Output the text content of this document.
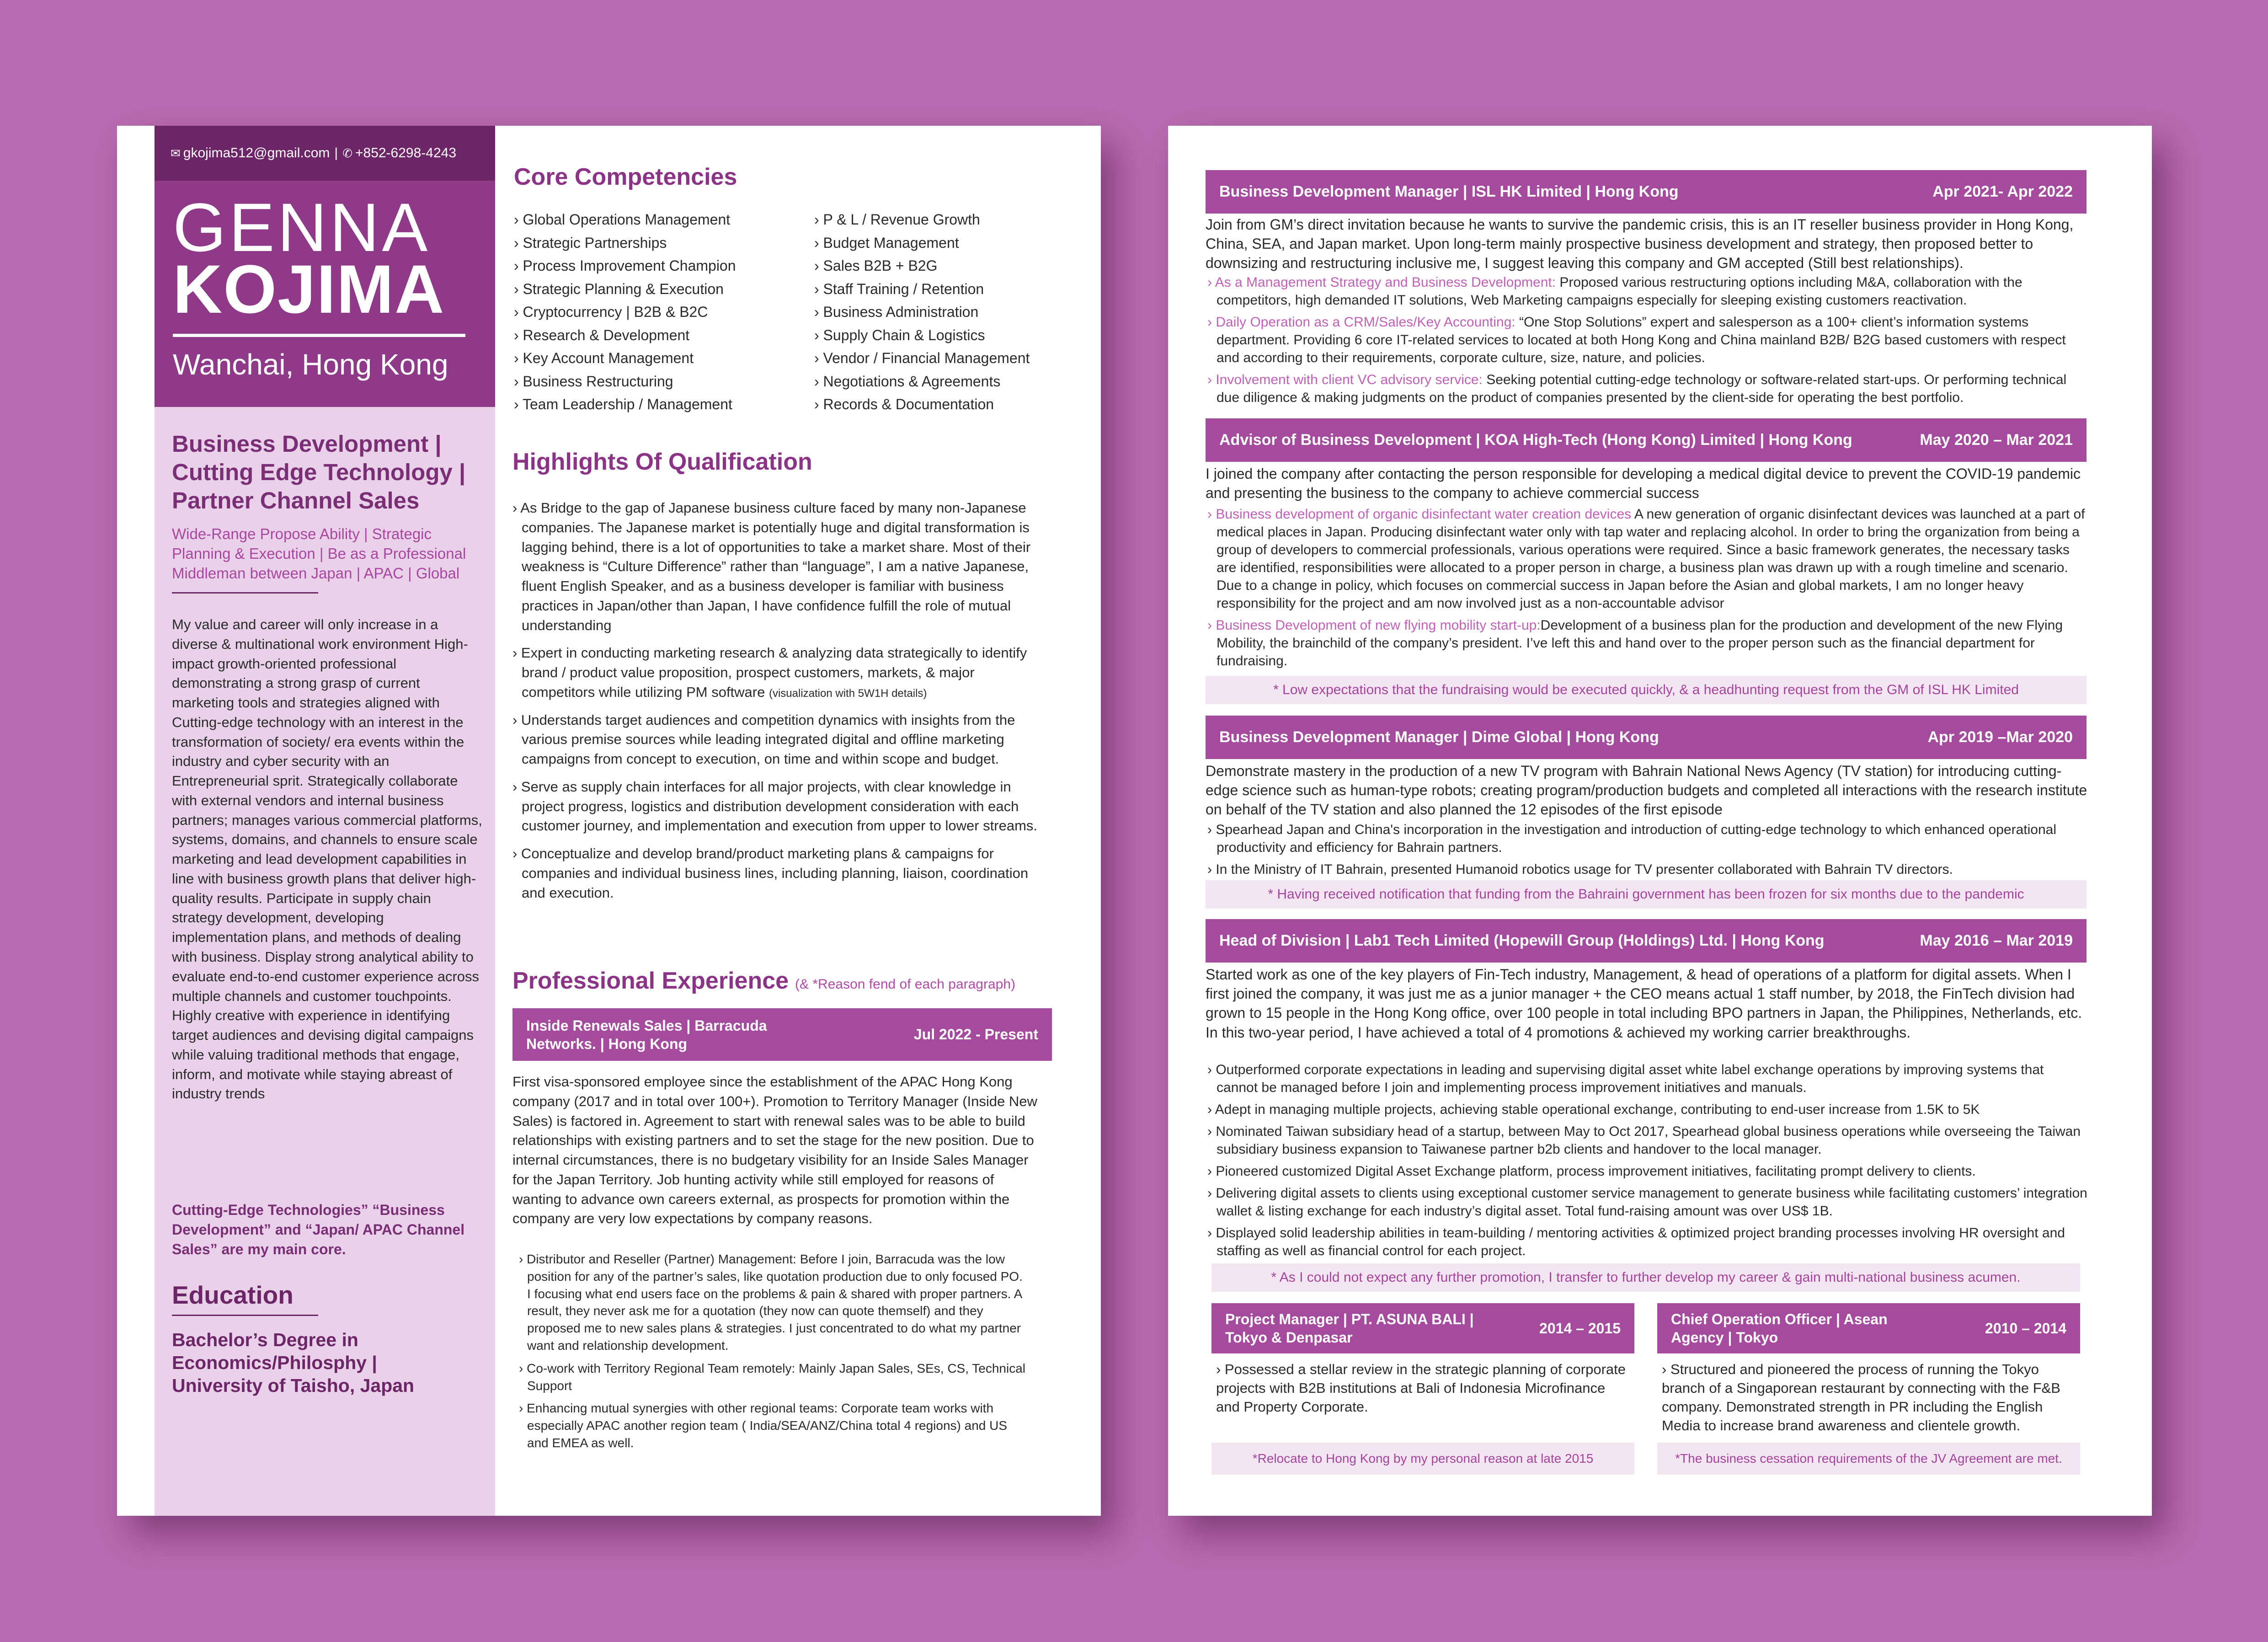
✉ gkojima512@gmail.com | ✆ +852-6298-4243
GENNA
KOJIMA
Wanchai, Hong Kong
Business Development | Cutting Edge Technology | Partner Channel Sales
Wide-Range Propose Ability | Strategic Planning & Execution | Be as a Professional Middleman between Japan | APAC | Global
My value and career will only increase in a diverse & multinational work environment High-impact growth-oriented professional demonstrating a strong grasp of current marketing tools and strategies aligned with Cutting-edge technology with an interest in the transformation of society/ era events within the industry and cyber security with an Entrepreneurial sprit. Strategically collaborate with external vendors and internal business partners; manages various commercial platforms, systems, domains, and channels to ensure scale marketing and lead development capabilities in line with business growth plans that deliver high-quality results. Participate in supply chain strategy development, developing implementation plans, and methods of dealing with business. Display strong analytical ability to evaluate end-to-end customer experience across multiple channels and customer touchpoints. Highly creative with experience in identifying target audiences and devising digital campaigns while valuing traditional methods that engage, inform, and motivate while staying abreast of industry trends
Cutting-Edge Technologies” “Business Development” and “Japan/ APAC Channel Sales” are my main core.
Education
Bachelor’s Degree in Economics/Philosphy | University of Taisho, Japan
Core Competencies

› Global Operations Management

› Strategic Partnerships

› Process Improvement Champion

› Strategic Planning & Execution

› Cryptocurrency | B2B & B2C

› Research & Development

› Key Account Management

› Business Restructuring

› Team Leadership / Management

› P & L / Revenue Growth

› Budget Management

› Sales B2B + B2G

› Staff Training / Retention

› Business Administration

› Supply Chain & Logistics

› Vendor / Financial Management

› Negotiations & Agreements

› Records & Documentation

Highlights Of Qualification

› As Bridge to the gap of Japanese business culture faced by many non-Japanese companies. The Japanese market is potentially huge and digital transformation is lagging behind, there is a lot of opportunities to take a market share. Most of their weakness is “Culture Difference” rather than “language”, I am a native Japanese, fluent English Speaker, and as a business developer is familiar with business practices in Japan/other than Japan, I have confidence fulfill the role of mutual understanding

› Expert in conducting marketing research & analyzing data strategically to identify brand / product value proposition, prospect customers, markets, & major competitors while utilizing PM software (visualization with 5W1H details)

› Understands target audiences and competition dynamics with insights from the various premise sources while leading integrated digital and offline marketing campaigns from concept to execution, on time and within scope and budget.

› Serve as supply chain interfaces for all major projects, with clear knowledge in project progress, logistics and distribution development consideration with each customer journey, and implementation and execution from upper to lower streams.

› Conceptualize and develop brand/product marketing plans & campaigns for companies and individual business lines, including planning, liaison, coordination and execution.

Professional Experience (& *Reason fend of each paragraph)
Inside Renewals Sales | Barracuda Networks. | Hong Kong
Jul 2022 - Present
First visa-sponsored employee since the establishment of the APAC Hong Kong company (2017 and in total over 100+). Promotion to Territory Manager (Inside New Sales) is factored in. Agreement to start with renewal sales was to be able to build relationships with existing partners and to set the stage for the new position. Due to internal circumstances, there is no budgetary visibility for an Inside Sales Manager for the Japan Territory. Job hunting activity while still employed for reasons of wanting to advance own careers external, as prospects for promotion within the company are very low expectations by company reasons.

› Distributor and Reseller (Partner) Management: Before I join, Barracuda was the low position for any of the partner’s sales, like quotation production due to only focused PO. I focusing what end users face on the problems & pain & shared with proper partners. A result, they never ask me for a quotation (they now can quote themself) and they proposed me to new sales plans & strategies. I just concentrated to do what my partner want and relationship development.

› Co-work with Territory Regional Team remotely: Mainly Japan Sales, SEs, CS, Technical Support

› Enhancing mutual synergies with other regional teams: Corporate team works with especially APAC another region team ( India/SEA/ANZ/China total 4 regions) and US and EMEA as well.

Business Development Manager | ISL HK Limited | Hong Kong	Apr 2021- Apr 2022
Join from GM’s direct invitation because he wants to survive the pandemic crisis, this is an IT reseller business provider in Hong Kong, China, SEA, and Japan market. Upon long-term mainly prospective business development and strategy, then proposed better to downsizing and restructuring inclusive me, I suggest leaving this company and GM accepted (Still best relationships).

› As a Management Strategy and Business Development: Proposed various restructuring options including M&A, collaboration with the competitors, high demanded IT solutions, Web Marketing campaigns especially for sleeping existing customers reactivation.

› Daily Operation as a CRM/Sales/Key Accounting: “One Stop Solutions” expert and salesperson as a 100+ client’s information systems department. Providing 6 core IT-related services to located at both Hong Kong and China mainland B2B/ B2G based customers with respect and according to their requirements, corporate culture, size, nature, and policies.

› Involvement with client VC advisory service: Seeking potential cutting-edge technology or software-related start-ups. Or performing technical due diligence & making judgments on the product of companies presented by the client-side for operating the best portfolio.

Advisor of Business Development | KOA High-Tech (Hong Kong) Limited | Hong Kong	May 2020 – Mar 2021
I joined the company after contacting the person responsible for developing a medical digital device to prevent the COVID-19 pandemic and presenting the business to the company to achieve commercial success

› Business development of organic disinfectant water creation devices A new generation of organic disinfectant devices was launched at a part of medical places in Japan. Producing disinfectant water only with tap water and replacing alcohol. In order to bring the organization from being a group of developers to commercial professionals, various operations were required. Since a basic framework generates, the necessary tasks are identified, responsibilities were allocated to a proper person in charge, a business plan was drawn up with a rough timeline and scenario. Due to a change in policy, which focuses on commercial success in Japan before the Asian and global markets, I am no longer heavy responsibility for the project and am now involved just as a non-accountable advisor

› Business Development of new flying mobility start-up:Development of a business plan for the production and development of the new Flying Mobility, the brainchild of the company’s president. I’ve left this and hand over to the proper person such as the financial department for fundraising.

* Low expectations that the fundraising would be executed quickly, & a headhunting request from the GM of ISL HK Limited
Business Development Manager | Dime Global | Hong Kong	Apr 2019 –Mar 2020
Demonstrate mastery in the production of a new TV program with Bahrain National News Agency (TV station) for introducing cutting-edge science such as human-type robots; creating program/production budgets and completed all interactions with the research institute on behalf of the TV station and also planned the 12 episodes of the first episode

› Spearhead Japan and China's incorporation in the investigation and introduction of cutting-edge technology to which enhanced operational productivity and efficiency for Bahrain partners.

› In the Ministry of IT Bahrain, presented Humanoid robotics usage for TV presenter collaborated with Bahrain TV directors.

* Having received notification that funding from the Bahraini government has been frozen for six months due to the pandemic
Head of Division | Lab1 Tech Limited (Hopewill Group (Holdings) Ltd. | Hong Kong	May 2016 – Mar 2019
Started work as one of the key players of Fin-Tech industry, Management, & head of operations of a platform for digital assets. When I first joined the company, it was just me as a junior manager + the CEO means actual 1 staff number, by 2018, the FinTech division had grown to 15 people in the Hong Kong office, over 100 people in total including BPO partners in Japan, the Philippines, Netherlands, etc. In this two-year period, I have achieved a total of 4 promotions & achieved my working carrier breakthroughs.

› Outperformed corporate expectations in leading and supervising digital asset white label exchange operations by improving systems that cannot be managed before I join and implementing process improvement initiatives and manuals.

› Adept in managing multiple projects, achieving stable operational exchange, contributing to end-user increase from 1.5K to 5K

› Nominated Taiwan subsidiary head of a startup, between May to Oct 2017, Spearhead global business operations while overseeing the Taiwan subsidiary business expansion to Taiwanese partner b2b clients and handover to the local manager.

› Pioneered customized Digital Asset Exchange platform, process improvement initiatives, facilitating prompt delivery to clients.

› Delivering digital assets to clients using exceptional customer service management to generate business while facilitating customers’ integration wallet & listing exchange for each industry’s digital asset. Total fund-raising amount was over US$ 1B.

› Displayed solid leadership abilities in team-building / mentoring activities & optimized project branding processes involving HR oversight and staffing as well as financial control for each project.

* As I could not expect any further promotion, I transfer to further develop my career & gain multi-national business acumen.
Project Manager | PT. ASUNA BALI | Tokyo & Denpasar
2014 – 2015
› Possessed a stellar review in the strategic planning of corporate projects with B2B institutions at Bali of Indonesia Microfinance and Property Corporate.
*Relocate to Hong Kong by my personal reason at late 2015
Chief Operation Officer | Asean Agency | Tokyo
2010 – 2014
› Structured and pioneered the process of running the Tokyo branch of a Singaporean restaurant by connecting with the F&B company. Demonstrated strength in PR including the English Media to increase brand awareness and clientele growth.
*The business cessation requirements of the JV Agreement are met.
